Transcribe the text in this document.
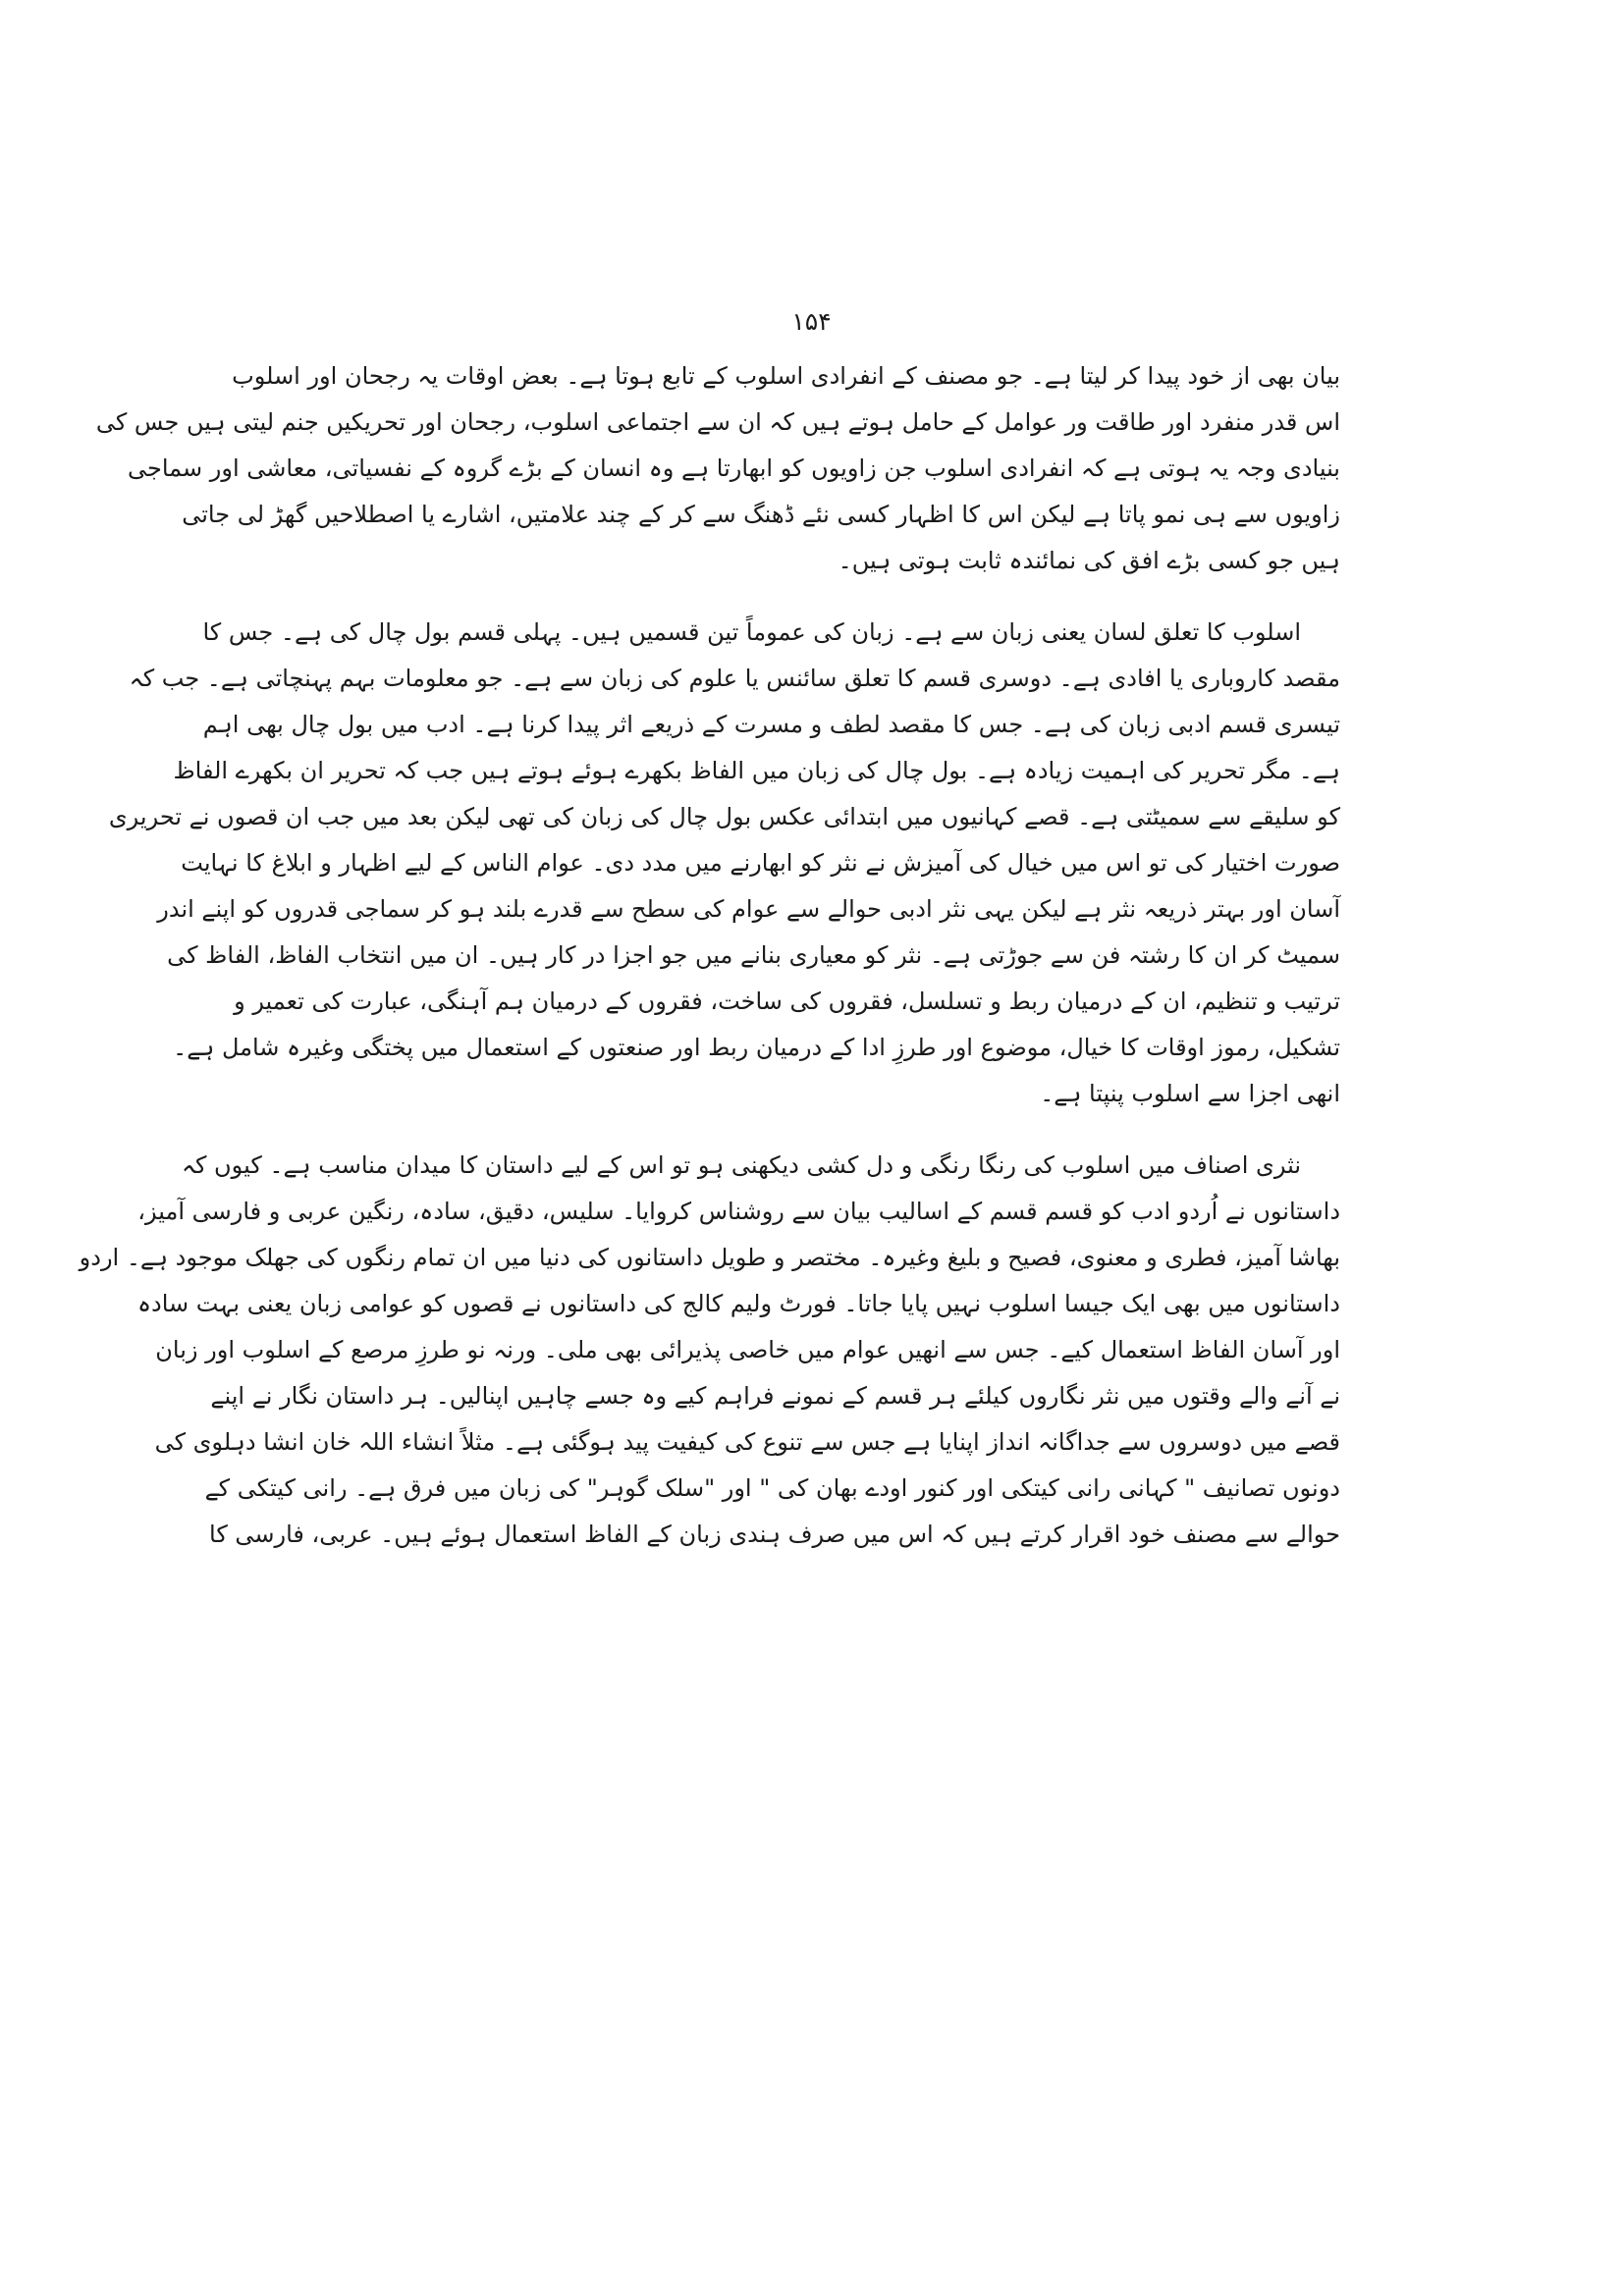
۱۵۴
بیان بھی از خود پیدا کر لیتا ہے۔ جو مصنف کے انفرادی اسلوب کے تابع ہوتا ہے۔ بعض اوقات یہ رجحان اور اسلوب
اس قدر منفرد اور طاقت ور عوامل کے حامل ہوتے ہیں کہ ان سے اجتماعی اسلوب، رجحان اور تحریکیں جنم لیتی ہیں جس کی
بنیادی وجہ یہ ہوتی ہے کہ انفرادی اسلوب جن زاویوں کو ابھارتا ہے وہ انسان کے بڑے گروہ کے نفسیاتی، معاشی اور سماجی
زاویوں سے ہی نمو پاتا ہے لیکن اس کا اظہار کسی نئے ڈھنگ سے کر کے چند علامتیں، اشارے یا اصطلاحیں گھڑ لی جاتی
ہیں جو کسی بڑے افق کی نمائندہ ثابت ہوتی ہیں۔
اسلوب کا تعلق لسان یعنی زبان سے ہے۔ زبان کی عموماً تین قسمیں ہیں۔ پہلی قسم بول چال کی ہے۔ جس کا
مقصد کاروباری یا افادی ہے۔ دوسری قسم کا تعلق سائنس یا علوم کی زبان سے ہے۔ جو معلومات بہم پہنچاتی ہے۔ جب کہ
تیسری قسم ادبی زبان کی ہے۔ جس کا مقصد لطف و مسرت کے ذریعے اثر پیدا کرنا ہے۔ ادب میں بول چال بھی اہم
ہے۔ مگر تحریر کی اہمیت زیادہ ہے۔ بول چال کی زبان میں الفاظ بکھرے ہوئے ہوتے ہیں جب کہ تحریر ان بکھرے الفاظ
کو سلیقے سے سمیٹتی ہے۔ قصے کہانیوں میں ابتدائی عکس بول چال کی زبان کی تھی لیکن بعد میں جب ان قصوں نے تحریری
صورت اختیار کی تو اس میں خیال کی آمیزش نے نثر کو ابھارنے میں مدد دی۔ عوام الناس کے لیے اظہار و ابلاغ کا نہایت
آسان اور بہتر ذریعہ نثر ہے لیکن یہی نثر ادبی حوالے سے عوام کی سطح سے قدرے بلند ہو کر سماجی قدروں کو اپنے اندر
سمیٹ کر ان کا رشتہ فن سے جوڑتی ہے۔ نثر کو معیاری بنانے میں جو اجزا در کار ہیں۔ ان میں انتخاب الفاظ، الفاظ کی
ترتیب و تنظیم، ان کے درمیان ربط و تسلسل، فقروں کی ساخت، فقروں کے درمیان ہم آہنگی، عبارت کی تعمیر و
تشکیل، رموز اوقات کا خیال، موضوع اور طرزِ ادا کے درمیان ربط اور صنعتوں کے استعمال میں پختگی وغیرہ شامل ہے۔
انھی اجزا سے اسلوب پنپتا ہے۔
نثری اصناف میں اسلوب کی رنگا رنگی و دل کشی دیکھنی ہو تو اس کے لیے داستان کا میدان مناسب ہے۔ کیوں کہ
داستانوں نے اُردو ادب کو قسم قسم کے اسالیب بیان سے روشناس کروایا۔ سلیس، دقیق، سادہ، رنگین عربی و فارسی آمیز،
بھاشا آمیز، فطری و معنوی، فصیح و بلیغ وغیرہ۔ مختصر و طویل داستانوں کی دنیا میں ان تمام رنگوں کی جھلک موجود ہے۔ اردو
داستانوں میں بھی ایک جیسا اسلوب نہیں پایا جاتا۔ فورٹ ولیم کالج کی داستانوں نے قصوں کو عوامی زبان یعنی بہت سادہ
اور آسان الفاظ استعمال کیے۔ جس سے انھیں عوام میں خاصی پذیرائی بھی ملی۔ ورنہ نو طرزِ مرصع کے اسلوب اور زبان
نے آنے والے وقتوں میں نثر نگاروں کیلئے ہر قسم کے نمونے فراہم کیے وہ جسے چاہیں اپنالیں۔ ہر داستان نگار نے اپنے
قصے میں دوسروں سے جداگانہ انداز اپنایا ہے جس سے تنوع کی کیفیت پید ہوگئی ہے۔ مثلاً انشاء اللہ خان انشا دہلوی کی
دونوں تصانیف " کہانی رانی کیتکی اور کنور اودے بھان کی " اور "سلک گوہر" کی زبان میں فرق ہے۔ رانی کیتکی کے
حوالے سے مصنف خود اقرار کرتے ہیں کہ اس میں صرف ہندی زبان کے الفاظ استعمال ہوئے ہیں۔ عربی، فارسی کا
